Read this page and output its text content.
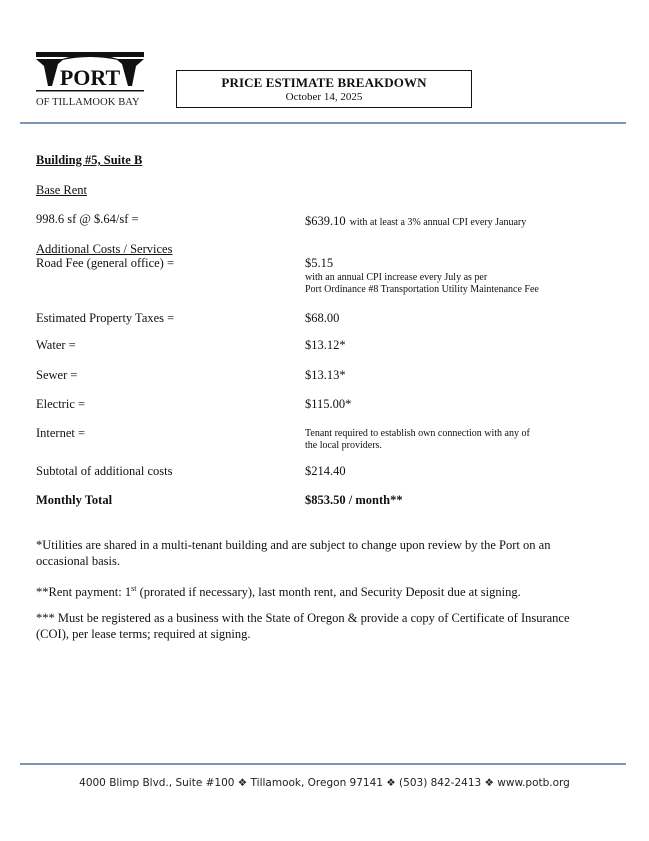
PORT
OF TILLAMOOK BAY
PRICE ESTIMATE BREAKDOWN
October 14, 2025
Building #5, Suite B
Base Rent
998.6 sf @ $.64/sf =	$639.10 with at least a 3% annual CPI every January
Additional Costs / Services
Road Fee (general office) =	$5.15
with an annual CPI increase every July as per
Port Ordinance #8 Transportation Utility Maintenance Fee
Estimated Property Taxes =	$68.00
Water =	$13.12*
Sewer =	$13.13*
Electric =	$115.00*
Internet =	Tenant required to establish own connection with any of
the local providers.
Subtotal of additional costs	$214.40
Monthly Total	$853.50 / month**
*Utilities are shared in a multi-tenant building and are subject to change upon review by the Port on an occasional basis.
**Rent payment: 1st (prorated if necessary), last month rent, and Security Deposit due at signing.
*** Must be registered as a business with the State of Oregon & provide a copy of Certificate of Insurance (COI), per lease terms; required at signing.
4000 Blimp Blvd., Suite #100 ❖ Tillamook, Oregon 97141 ❖ (503) 842-2413 ❖ www.potb.org
